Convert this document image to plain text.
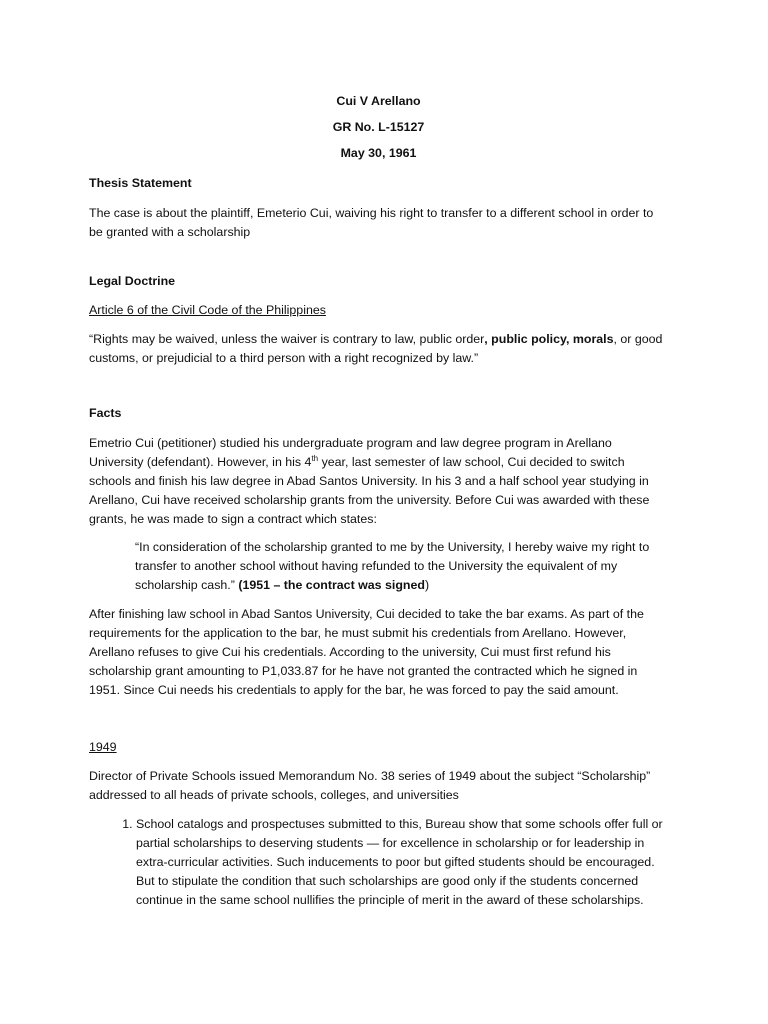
Cui V Arellano
GR No. L-15127
May 30, 1961

Thesis Statement

The case is about the plaintiff, Emeterio Cui, waiving his right to transfer to a different school in order to be granted with a scholarship

Legal Doctrine

Article 6 of the Civil Code of the Philippines

“Rights may be waived, unless the waiver is contrary to law, public order, public policy, morals, or good customs, or prejudicial to a third person with a right recognized by law.”

Facts

Emetrio Cui (petitioner) studied his undergraduate program and law degree program in Arellano University (defendant). However, in his 4th year, last semester of law school, Cui decided to switch schools and finish his law degree in Abad Santos University. In his 3 and a half school year studying in Arellano, Cui have received scholarship grants from the university. Before Cui was awarded with these grants, he was made to sign a contract which states:

“In consideration of the scholarship granted to me by the University, I hereby waive my right to transfer to another school without having refunded to the University the equivalent of my scholarship cash.” (1951 – the contract was signed)

After finishing law school in Abad Santos University, Cui decided to take the bar exams. As part of the requirements for the application to the bar, he must submit his credentials from Arellano. However, Arellano refuses to give Cui his credentials. According to the university, Cui must first refund his scholarship grant amounting to P1,033.87 for he have not granted the contracted which he signed in 1951. Since Cui needs his credentials to apply for the bar, he was forced to pay the said amount.

1949

Director of Private Schools issued Memorandum No. 38 series of 1949 about the subject “Scholarship” addressed to all heads of private schools, colleges, and universities

1. School catalogs and prospectuses submitted to this, Bureau show that some schools offer full or partial scholarships to deserving students — for excellence in scholarship or for leadership in extra-curricular activities. Such inducements to poor but gifted students should be encouraged. But to stipulate the condition that such scholarships are good only if the students concerned continue in the same school nullifies the principle of merit in the award of these scholarships.
